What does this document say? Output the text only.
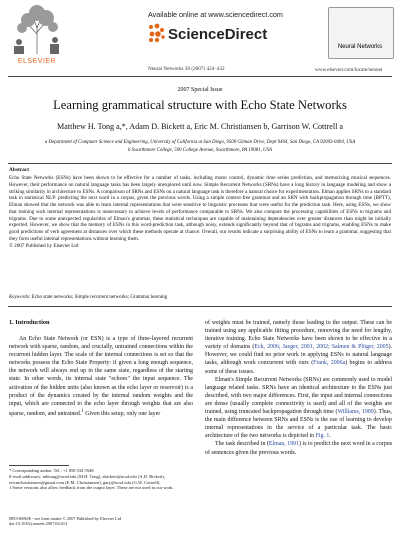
ELSEVIER
Available online at www.sciencedirect.com
ScienceDirect
Neural Networks 20 (2007) 424–432
Neural Networks
www.elsevier.com/locate/neunet
2007 Special Issue
Learning grammatical structure with Echo State Networks
Matthew H. Tong a,*, Adam D. Bickett a, Eric M. Christiansen b, Garrison W. Cottrell a
a Department of Computer Science and Engineering, University of California at San Diego, 9500 Gilman Drive, Dept 0404, San Diego, CA 92093-0404, USA
b Swarthmore College, 500 College Avenue, Swarthmore, PA 19081, USA
Abstract
Echo State Networks (ESNs) have been shown to be effective for a number of tasks, including motor control, dynamic time series prediction, and memorizing musical sequences. However, their performance on natural language tasks has been largely unexplored until now. Simple Recurrent Networks (SRNs) have a long history in language modeling and show a striking similarity in architecture to ESNs. A comparison of SRNs and ESNs on a natural language task is therefore a natural choice for experimentation. Elman applies SRNs to a standard task in statistical NLP: predicting the next word in a corpus, given the previous words. Using a simple context-free grammar and an SRN with backpropagation through time (BPTT), Elman showed that the network was able to learn internal representations that were sensitive to linguistic processes that were useful for the prediction task. Here, using ESNs, we show that training such internal representations is unnecessary to achieve levels of performance comparable to SRNs. We also compare the processing capabilities of ESNs to bigrams and trigrams. Due to some unexpected regularities of Elman's grammar, these statistical techniques are capable of maintaining dependencies over greater distances than might be initially expected. However, we show that the memory of ESNs in this word-prediction task, although noisy, extends significantly beyond that of bigrams and trigrams, enabling ESNs to make good predictions of verb agreement at distances over which these methods operate at chance. Overall, our results indicate a surprising ability of ESNs to learn a grammar, suggesting that they form useful internal representations without learning them.
© 2007 Published by Elsevier Ltd
Keywords: Echo state networks; Simple recurrent networks; Grammar learning
1. Introduction

An Echo State Network (or ESN) is a type of three-layered recurrent network with sparse, random, and crucially, untrained connections within the recurrent hidden layer. The scale of the internal connections is set so that the networks possess the Echo State Property: if given a long enough sequence, the network will always end up in the same state, regardless of the starting state. In other words, its internal state "echoes" the input sequence. The activation of the hidden units (also known as the echo layer or reservoir) is a product of the dynamics created by the internal random weights and the input, which are connected to the echo layer through weights that are also sparse, random, and untrained.$^1$ Given this setup, only one layer

of weights must be trained, namely those leading to the output. These can be trained using any applicable fitting procedure, removing the need for lengthy, iterative training. Echo State Networks have been shown to be effective in a variety of domains (Eck, 2006; Jaeger, 2001, 2002; Salmen & Plöger, 2005). However, we could find no prior work in applying ESNs to natural language tasks, although work concurrent with ours (Frank, 2006a) begins to address some of these issues.

Elman's Simple Recurrent Networks (SRNs) are commonly used to model language related tasks. SRNs have an identical architecture to the ESNs just described, with two major differences. First, the input and internal connections are dense (usually complete connectivity is used) and all of the weights are trained, using truncated backpropagation through time (Williams, 1989). Thus, the main difference between SRNs and ESNs is the use of learning to develop internal representations in the service of a particular task. The basic architecture of the two networks is depicted in Fig. 1.

The task described in (Elman, 1991) is to predict the next word in a corpus of sentences given the previous words.

* Corresponding author. Tel.: +1 858 534 5948.

E-mail addresses: mhtong@ucsd.edu (M.H. Tong), abickett@ucsd.edu (A.D. Bickett), ericmchristiansen@gmail.com (E.M. Christiansen), gary@ucsd.edu (G.W. Cottrell).

1 Some versions also allow feedback from the output layer. These are not used in our work.

0893-6080/$ - see front matter © 2007 Published by Elsevier Ltd

doi:10.1016/j.neunet.2007.04.013
